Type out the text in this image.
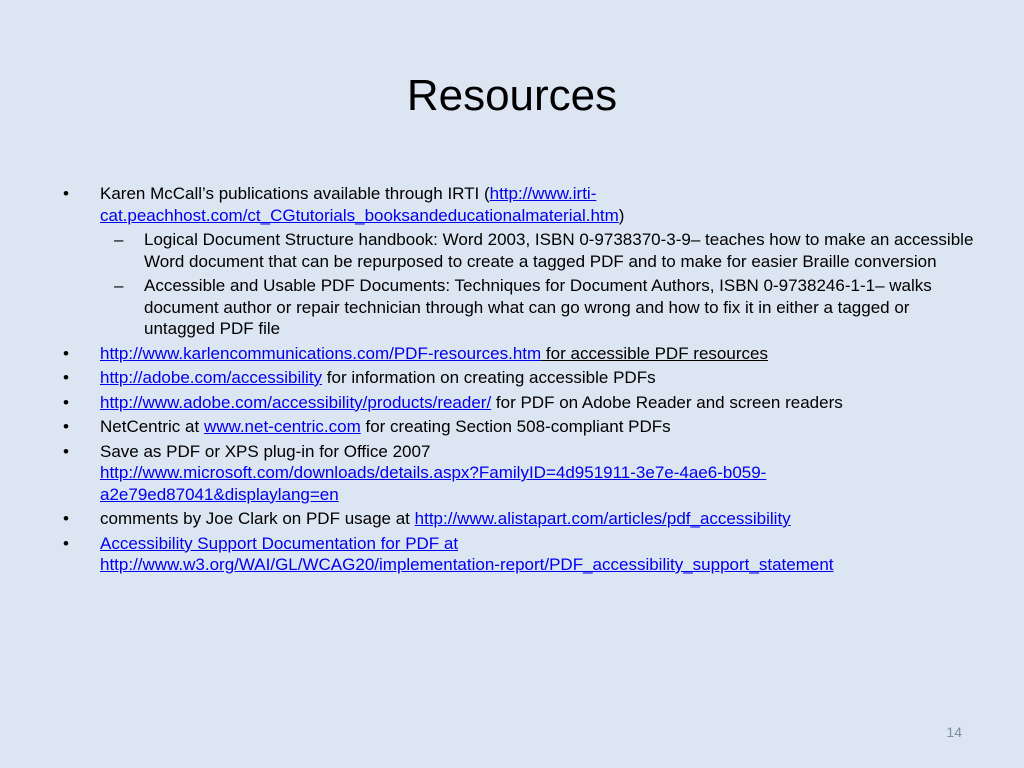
Resources
• Karen McCall’s publications available through IRTI (http://www.irti-cat.peachhost.com/ct_CGtutorials_booksandeducationalmaterial.htm)
– Logical Document Structure handbook: Word 2003, ISBN 0-9738370-3-9– teaches how to make an accessible Word document that can be repurposed to create a tagged PDF and to make for easier Braille conversion
– Accessible and Usable PDF Documents: Techniques for Document Authors, ISBN 0-9738246-1-1– walks document author or repair technician through what can go wrong and how to fix it in either a tagged or untagged PDF file
• http://www.karlencommunications.com/PDF-resources.htm for accessible PDF resources
• http://adobe.com/accessibility for information on creating accessible PDFs
• http://www.adobe.com/accessibility/products/reader/ for PDF on Adobe Reader and screen readers
• NetCentric at www.net-centric.com for creating Section 508-compliant PDFs
• Save as PDF or XPS plug-in for Office 2007
http://www.microsoft.com/downloads/details.aspx?FamilyID=4d951911-3e7e-4ae6-b059-a2e79ed87041&displaylang=en
• comments by Joe Clark on PDF usage at http://www.alistapart.com/articles/pdf_accessibility
• Accessibility Support Documentation for PDF at
http://www.w3.org/WAI/GL/WCAG20/implementation-report/PDF_accessibility_support_statement
14
